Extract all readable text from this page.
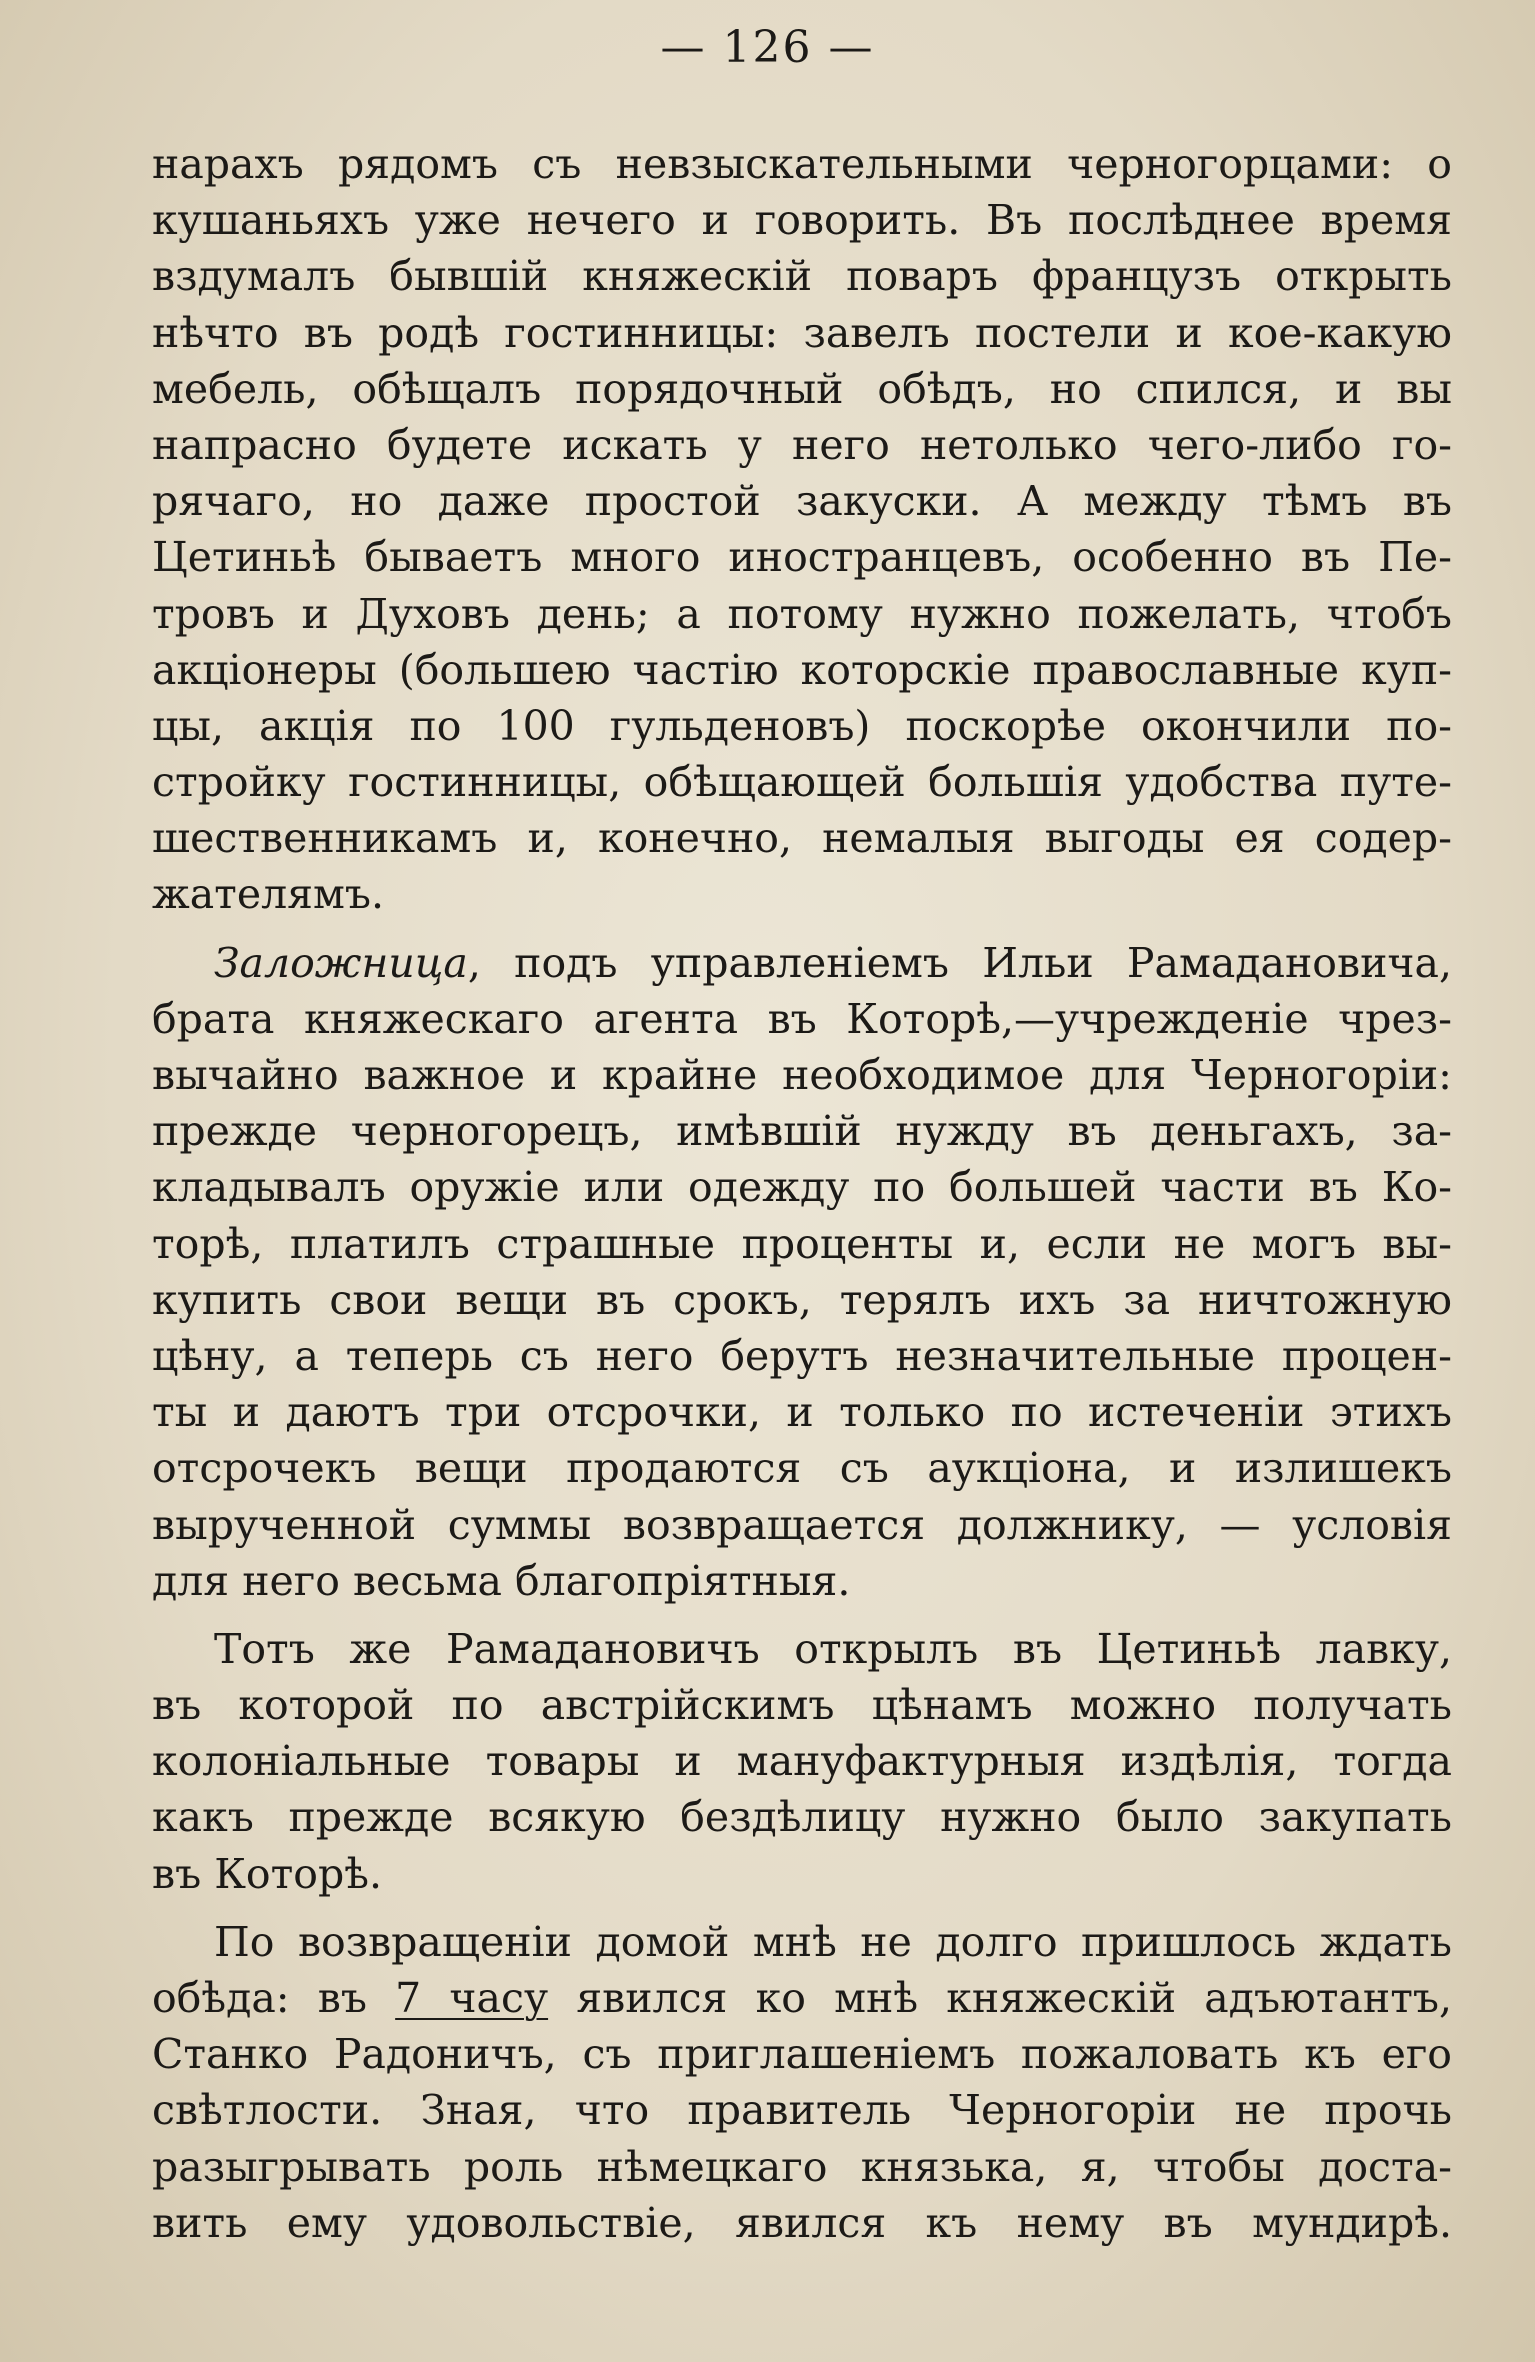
— 126 —
нарахъ рядомъ съ невзыскательными черногорцами: о
кушаньяхъ уже нечего и говорить. Въ послѣднее время
вздумалъ бывшій княжескій поваръ французъ открыть
нѣчто въ родѣ гостинницы: завелъ постели и кое-какую
мебель, обѣщалъ порядочный обѣдъ, но спился, и вы
напрасно будете искать у него нетолько чего-либо го-
рячаго, но даже простой закуски. А между тѣмъ въ
Цетиньѣ бываетъ много иностранцевъ, особенно въ Пе-
тровъ и Духовъ день; а потому нужно пожелать, чтобъ
акціонеры (большею частію которскіе православные куп-
цы, акція по 100 гульденовъ) поскорѣе окончили по-
стройку гостинницы, обѣщающей большія удобства путе-
шественникамъ и, конечно, немалыя выгоды ея содер-
жателямъ.
Заложница, подъ управленіемъ Ильи Рамадановича,
брата княжескаго агента въ Которѣ,—учрежденіе чрез-
вычайно важное и крайне необходимое для Черногоріи:
прежде черногорецъ, имѣвшій нужду въ деньгахъ, за-
кладывалъ оружіе или одежду по большей части въ Ко-
торѣ, платилъ страшные проценты и, если не могъ вы-
купить свои вещи въ срокъ, терялъ ихъ за ничтожную
цѣну, а теперь съ него берутъ незначительные процен-
ты и даютъ три отсрочки, и только по истеченіи этихъ
отсрочекъ вещи продаются съ аукціона, и излишекъ
вырученной суммы возвращается должнику, — условія
для него весьма благопріятныя.
Тотъ же Рамадановичъ открылъ въ Цетиньѣ лавку,
въ которой по австрійскимъ цѣнамъ можно получать
колоніальные товары и мануфактурныя издѣлія, тогда
какъ прежде всякую бездѣлицу нужно было закупать
въ Которѣ.
По возвращеніи домой мнѣ не долго пришлось ждать
обѣда: въ 7 часу явился ко мнѣ княжескій адъютантъ,
Станко Радоничъ, съ приглашеніемъ пожаловать къ его
свѣтлости. Зная, что правитель Черногоріи не прочь
разыгрывать роль нѣмецкаго князька, я, чтобы доста-
вить ему удовольствіе, явился къ нему въ мундирѣ.
